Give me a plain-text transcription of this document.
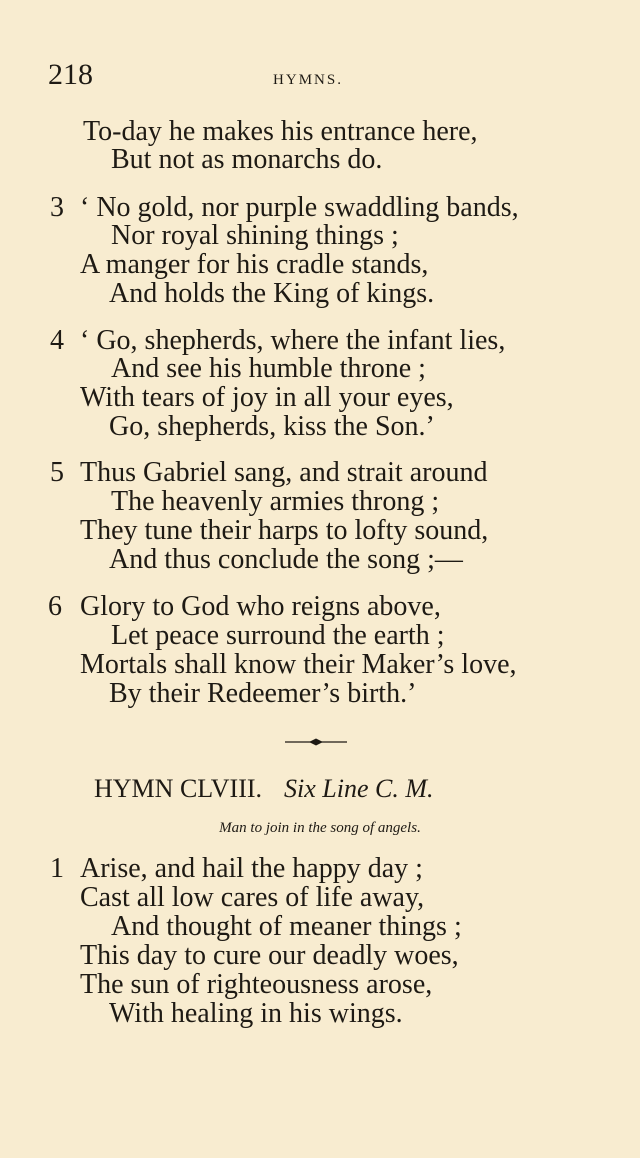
218	HYMNS.
To-day he makes his entrance here,
But not as monarchs do.
3 ‘ No gold, nor purple swaddling bands,
Nor royal shining things ;
A manger for his cradle stands,
And holds the King of kings.
4 ‘ Go, shepherds, where the infant lies,
And see his humble throne ;
With tears of joy in all your eyes,
Go, shepherds, kiss the Son.’
5 Thus Gabriel sang, and strait around
The heavenly armies throng ;
They tune their harps to lofty sound,
And thus conclude the song ;—
6 Glory to God who reigns above,
Let peace surround the earth ;
Mortals shall know their Maker’s love,
By their Redeemer’s birth.’
HYMN CLVIII. Six Line C. M.
Man to join in the song of angels.
1 Arise, and hail the happy day ;
Cast all low cares of life away,
And thought of meaner things ;
This day to cure our deadly woes,
The sun of righteousness arose,
With healing in his wings.
